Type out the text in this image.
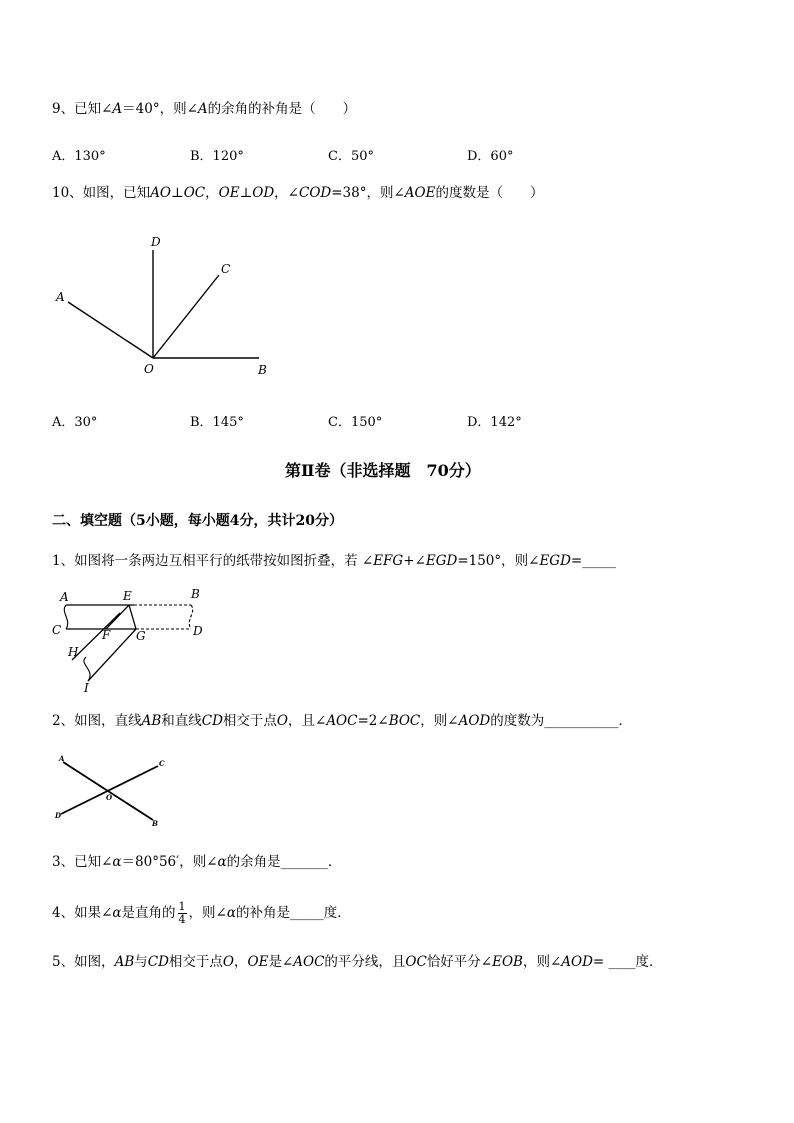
9、已知∠A＝40°，则∠A的余角的补角是（　　）
A．130°	B．120°	C．50°	D．60°
10、如图，已知AO⊥OC，OE⊥OD，∠COD=38°，则∠AOE的度数是（　　）
D
C
A
O	B
A．30°	B．145°	C．150°	D．142°
第Ⅱ卷（非选择题　70分）
二、填空题（5小题，每小题4分，共计20分）
1、如图将一条两边互相平行的纸带按如图折叠，若 ∠EFG+∠EGD=150°，则∠EGD=_____
A	E	B
C	F G	D
H
I
2、如图，直线AB和直线CD相交于点O，且∠AOC=2∠BOC，则∠AOD的度数为___________．
A
C
O
D
B
3、已知∠α＝80°56′，则∠α的余角是_______．
4、如果∠α是直角的 $\frac{1}{4}$ ，则∠α的补角是_____度．
5、如图，AB与CD相交于点O，OE是∠AOC的平分线，且OC恰好平分∠EOB，则∠AOD= ____度．
